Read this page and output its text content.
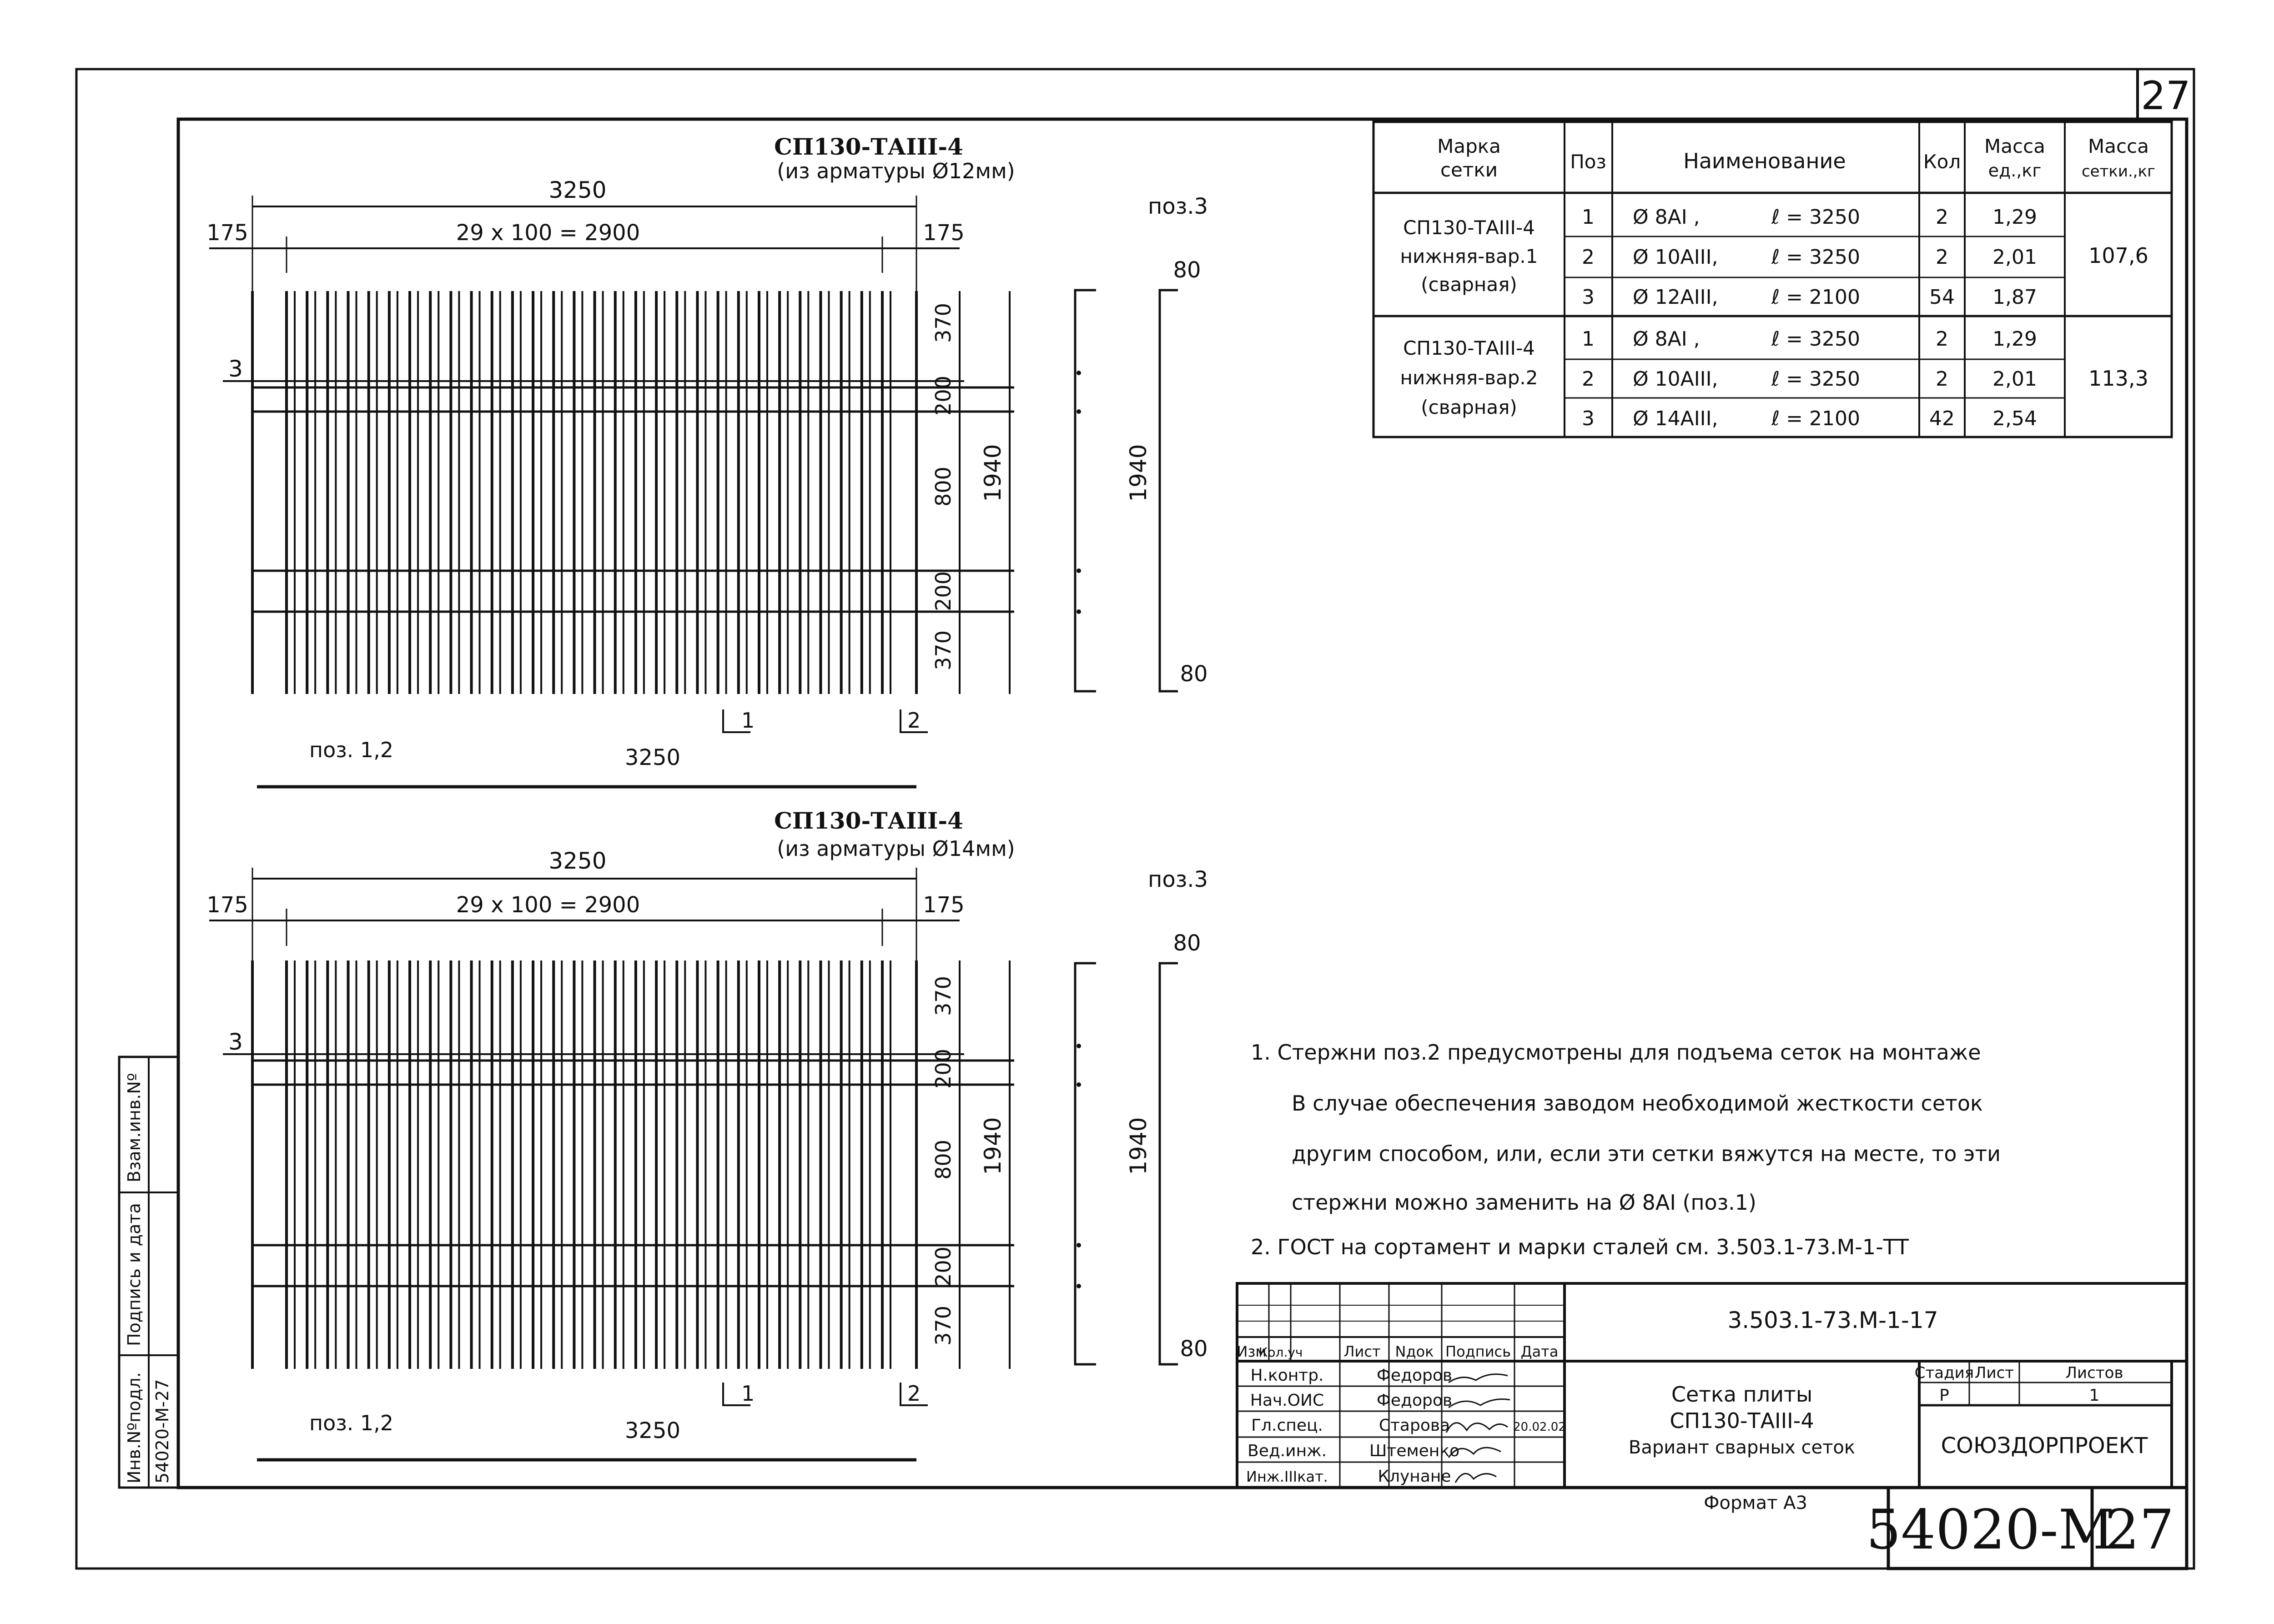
27
54020-М
27
Формат А3
Взам.инв.Nº
Подпись и дата
Инв.Nºподл. 54020-М-27
СП130-ТАIII-4
(из арматуры Ø12мм)
3250
175	29 x 100 = 2900	175
3
370
200
800
200
370
1940
поз.3
1940
80
80
1	2
поз. 1,2	3250
СП130-ТАIII-4
(из арматуры Ø14мм)
3250
175	29 x 100 = 2900	175
3
370
200
800
200
370
1940
поз.3
1940
80
80
1	2
поз. 1,2	3250
Марка
сетки	Поз	Наименование	Кол
Масса
ед.,кг
Масса
сетки.,кг
СП130-ТАIII-4
нижняя-вар.1
(сварная)
107,6
1 Ø 8AI ,	ℓ = 3250	2 1,29
2 Ø 10AIII,	ℓ = 3250	2 2,01
3 Ø 12AIII,	ℓ = 2100	54 1,87
СП130-ТАIII-4
нижняя-вар.2
(сварная)
113,3
1 Ø 8AI ,	ℓ = 3250	2 1,29
2 Ø 10AIII,	ℓ = 3250	2 2,01
3 Ø 14AIII,	ℓ = 2100	42 2,54
1. Стержни поз.2 предусмотрены для подъема сеток на монтаже
В случае обеспечения заводом необходимой жесткости сеток
другим способом, или, если эти сетки вяжутся на месте, то эти
стержни можно заменить на Ø 8AI (поз.1)
2. ГОСТ на сортамент и марки сталей см. 3.503.1-73.М-1-ТТ
Изм
Кол.уч	Лист Nдок Подпись Дата
Н.контр.	Федоров
Нач.ОИС	Федоров
Гл.спец.	Старова	20.02.02
Вед.инж.	Штеменко
Инж.IIIкат.	Клунане
3.503.1-73.М-1-17
Сетка плиты
СП130-ТАIII-4
Вариант сварных сеток
Стадия Лист	Листов
Р	1
СОЮЗДОРПРОЕКТ
